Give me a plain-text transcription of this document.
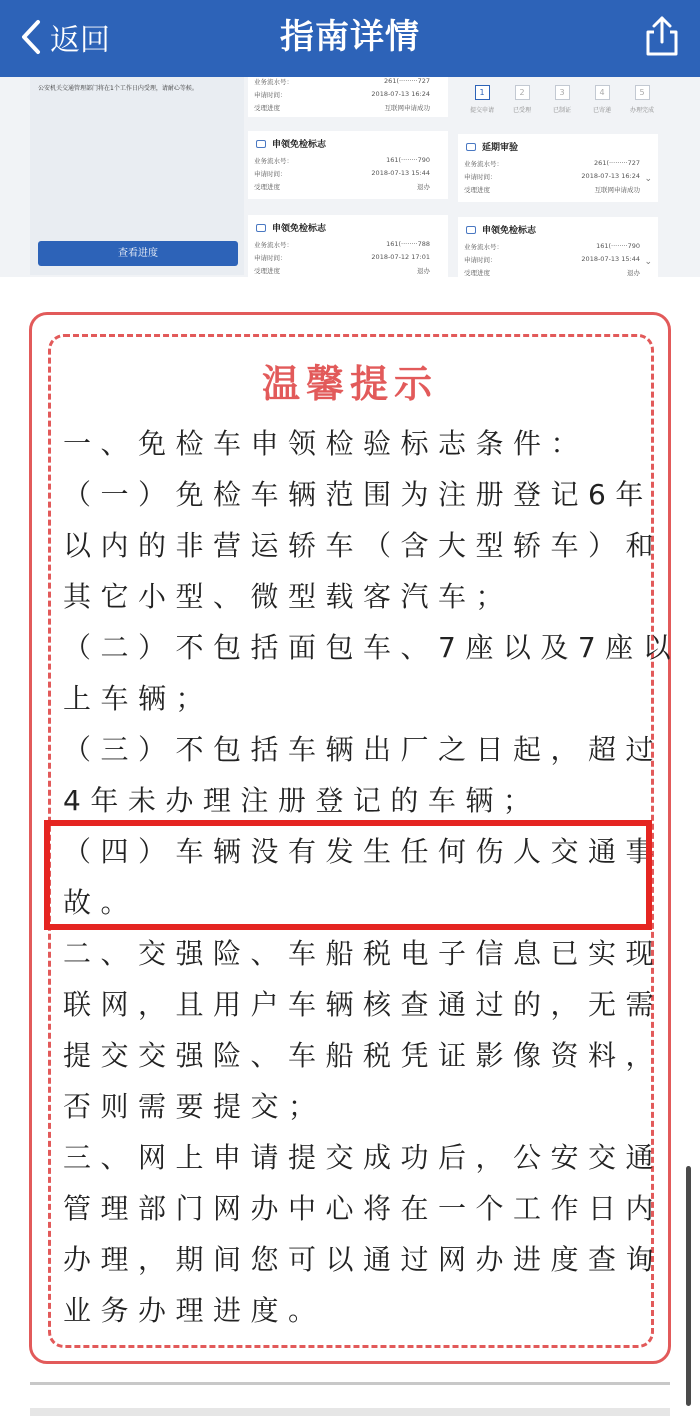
返回	指南详情
公安机关交通管理部门将在1个工作日内受理，请耐心等候。
查看进度
业务流水号：	261(·········727
申请时间：	2018-07-13 16:24
受理进度	互联网申请成功
1
提交申请
2
已受理
3
已制证
4
已寄递
5
办理完成
申领免检标志
业务流水号：	161(········790
申请时间：	2018-07-13 15:44
受理进度	退办
延期审验
业务流水号：	261(·········727
申请时间：	2018-07-13 16:24
受理进度	互联网申请成功
⌄
申领免检标志
业务流水号：	161(········788
申请时间：	2018-07-12 17:01
受理进度	退办
申领免检标志
业务流水号：	161(········790
申请时间：	2018-07-13 15:44
受理进度	退办
⌄
温馨提示
一、免检车申领检验标志条件：
（一）免检车辆范围为注册登记6年
以内的非营运轿车（含大型轿车）和
其它小型、微型载客汽车；
（二）不包括面包车、7座以及7座以
上车辆；
（三）不包括车辆出厂之日起，超过
4年未办理注册登记的车辆；
（四）车辆没有发生任何伤人交通事
故。
二、交强险、车船税电子信息已实现
联网，且用户车辆核查通过的，无需
提交交强险、车船税凭证影像资料，
否则需要提交；
三、网上申请提交成功后，公安交通
管理部门网办中心将在一个工作日内
办理，期间您可以通过网办进度查询
业务办理进度。
